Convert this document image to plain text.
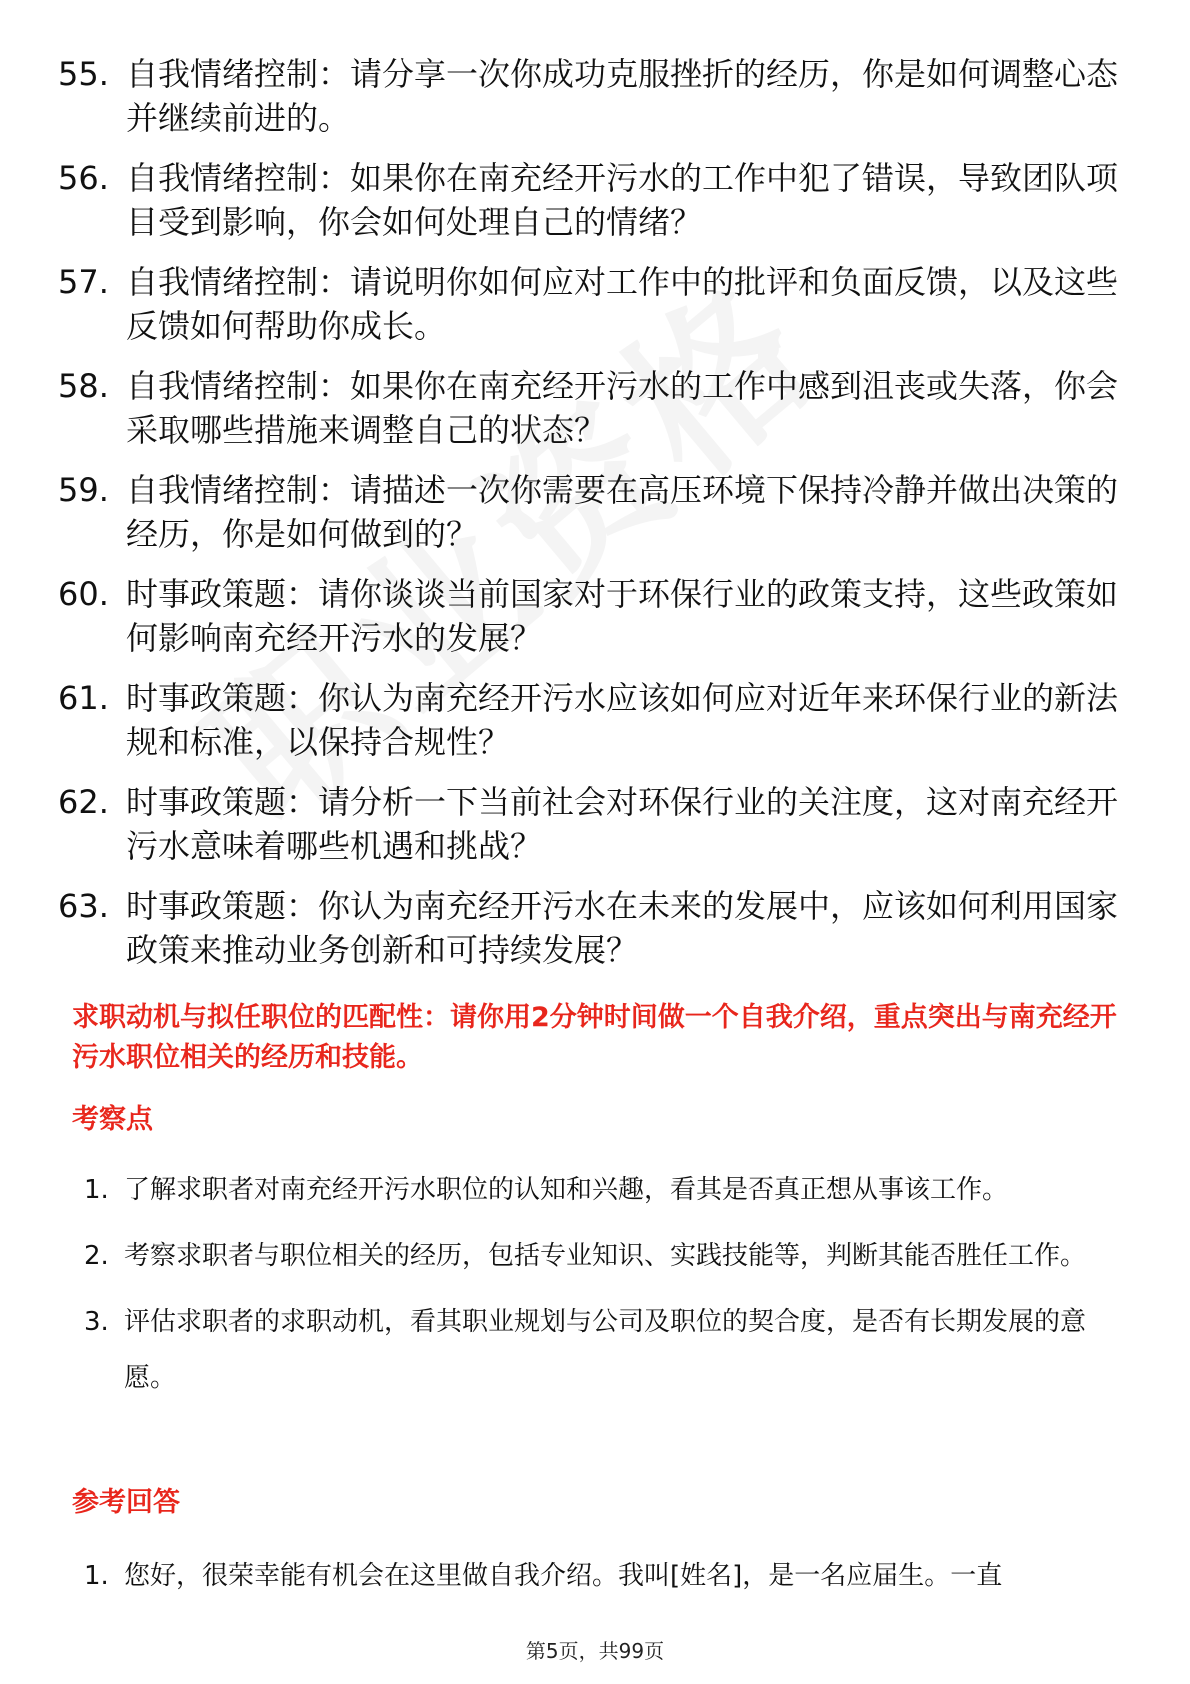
55. 自我情绪控制：请分享一次你成功克服挫折的经历，你是如何调整心态并继续前进的。
56. 自我情绪控制：如果你在南充经开污水的工作中犯了错误，导致团队项目受到影响，你会如何处理自己的情绪？
57. 自我情绪控制：请说明你如何应对工作中的批评和负面反馈，以及这些反馈如何帮助你成长。
58. 自我情绪控制：如果你在南充经开污水的工作中感到沮丧或失落，你会采取哪些措施来调整自己的状态？
59. 自我情绪控制：请描述一次你需要在高压环境下保持冷静并做出决策的经历，你是如何做到的？
60. 时事政策题：请你谈谈当前国家对于环保行业的政策支持，这些政策如何影响南充经开污水的发展？
61. 时事政策题：你认为南充经开污水应该如何应对近年来环保行业的新法规和标准，以保持合规性？
62. 时事政策题：请分析一下当前社会对环保行业的关注度，这对南充经开污水意味着哪些机遇和挑战？
63. 时事政策题：你认为南充经开污水在未来的发展中，应该如何利用国家政策来推动业务创新和可持续发展？
求职动机与拟任职位的匹配性：请你用2分钟时间做一个自我介绍，重点突出与南充经开污水职位相关的经历和技能。
考察点
1. 了解求职者对南充经开污水职位的认知和兴趣，看其是否真正想从事该工作。
2. 考察求职者与职位相关的经历，包括专业知识、实践技能等，判断其能否胜任工作。
3. 评估求职者的求职动机，看其职业规划与公司及职位的契合度，是否有长期发展的意愿。
参考回答
1. 您好，很荣幸能有机会在这里做自我介绍。我叫[姓名]，是一名应届生。一直
第5页，共99页
